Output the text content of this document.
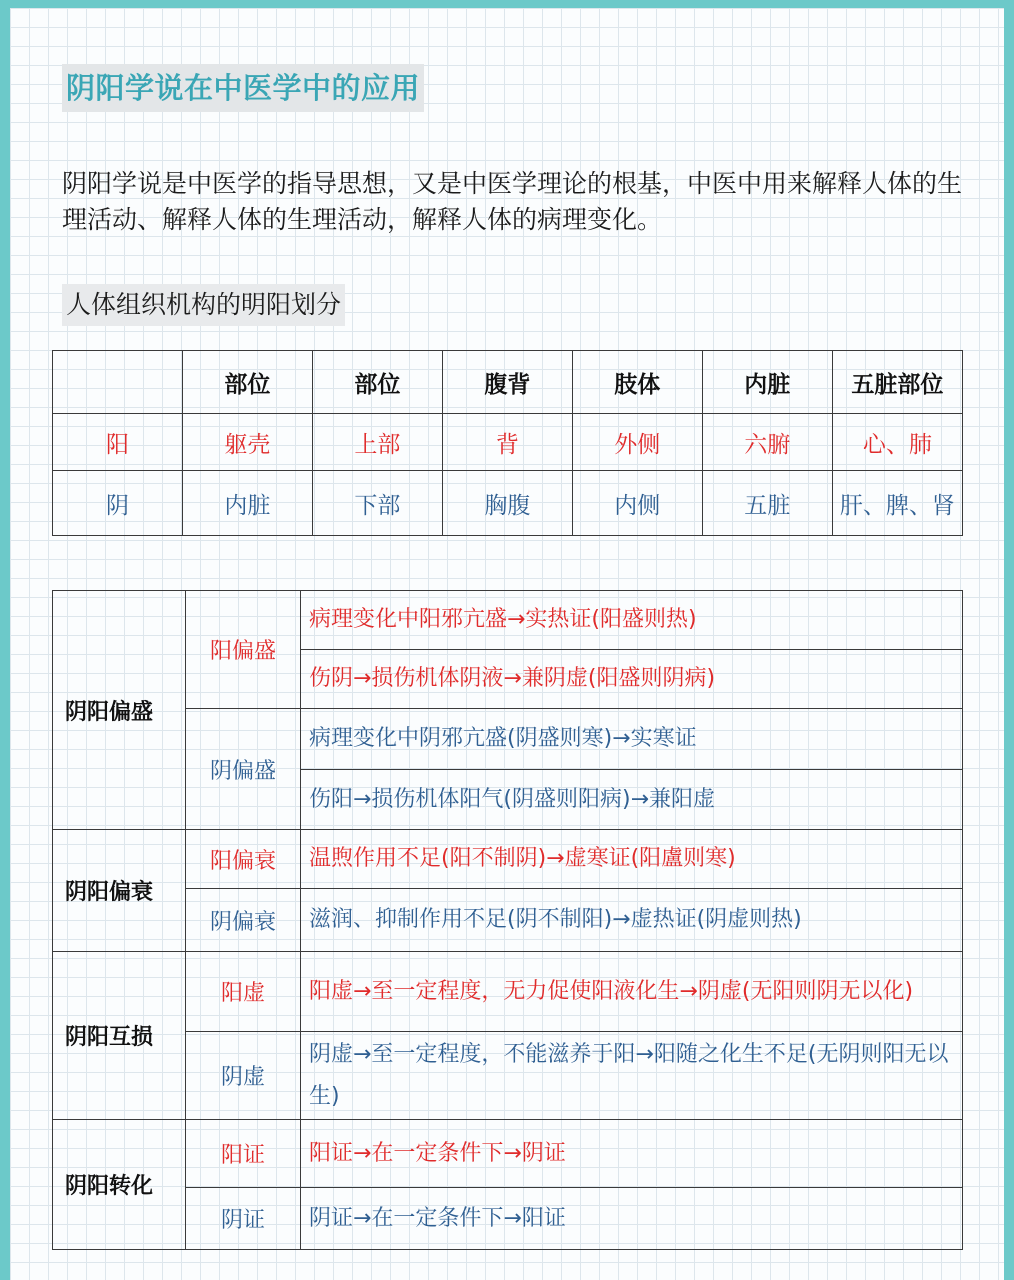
阴阳学说在中医学中的应用
阴阳学说是中医学的指导思想，又是中医学理论的根基，中医中用来解释人体的生理活动、解释人体的生理活动，解释人体的病理变化。
人体组织机构的明阳划分
	部位	部位	腹背	肢体	内脏	五脏部位
阳	躯壳	上部	背	外侧	六腑	心、肺
阴	内脏	下部	胸腹	内侧	五脏	肝、脾、肾
阴阳偏盛	阳偏盛	病理变化中阳邪亢盛→实热证(阳盛则热)
		伤阴→损伤机体阴液→兼阴虚(阳盛则阴病)
	阴偏盛	病理变化中阴邪亢盛(阴盛则寒)→实寒证
		伤阳→损伤机体阳气(阴盛则阳病)→兼阳虚
阴阳偏衰	阳偏衰	温煦作用不足(阳不制阴)→虚寒证(阳盧则寒)
	阴偏衰	滋润、抑制作用不足(阴不制阳)→虚热证(阴虚则热)
阴阳互损	阳虚	阳虚→至一定程度，无力促使阳液化生→阴虚(无阳则阴无以化)
	阴虚	阴虚→至一定程度，不能滋养于阳→阳随之化生不足(无阴则阳无以生)
阴阳转化	阳证	阳证→在一定条件下→阴证
	阴证	阴证→在一定条件下→阳证
